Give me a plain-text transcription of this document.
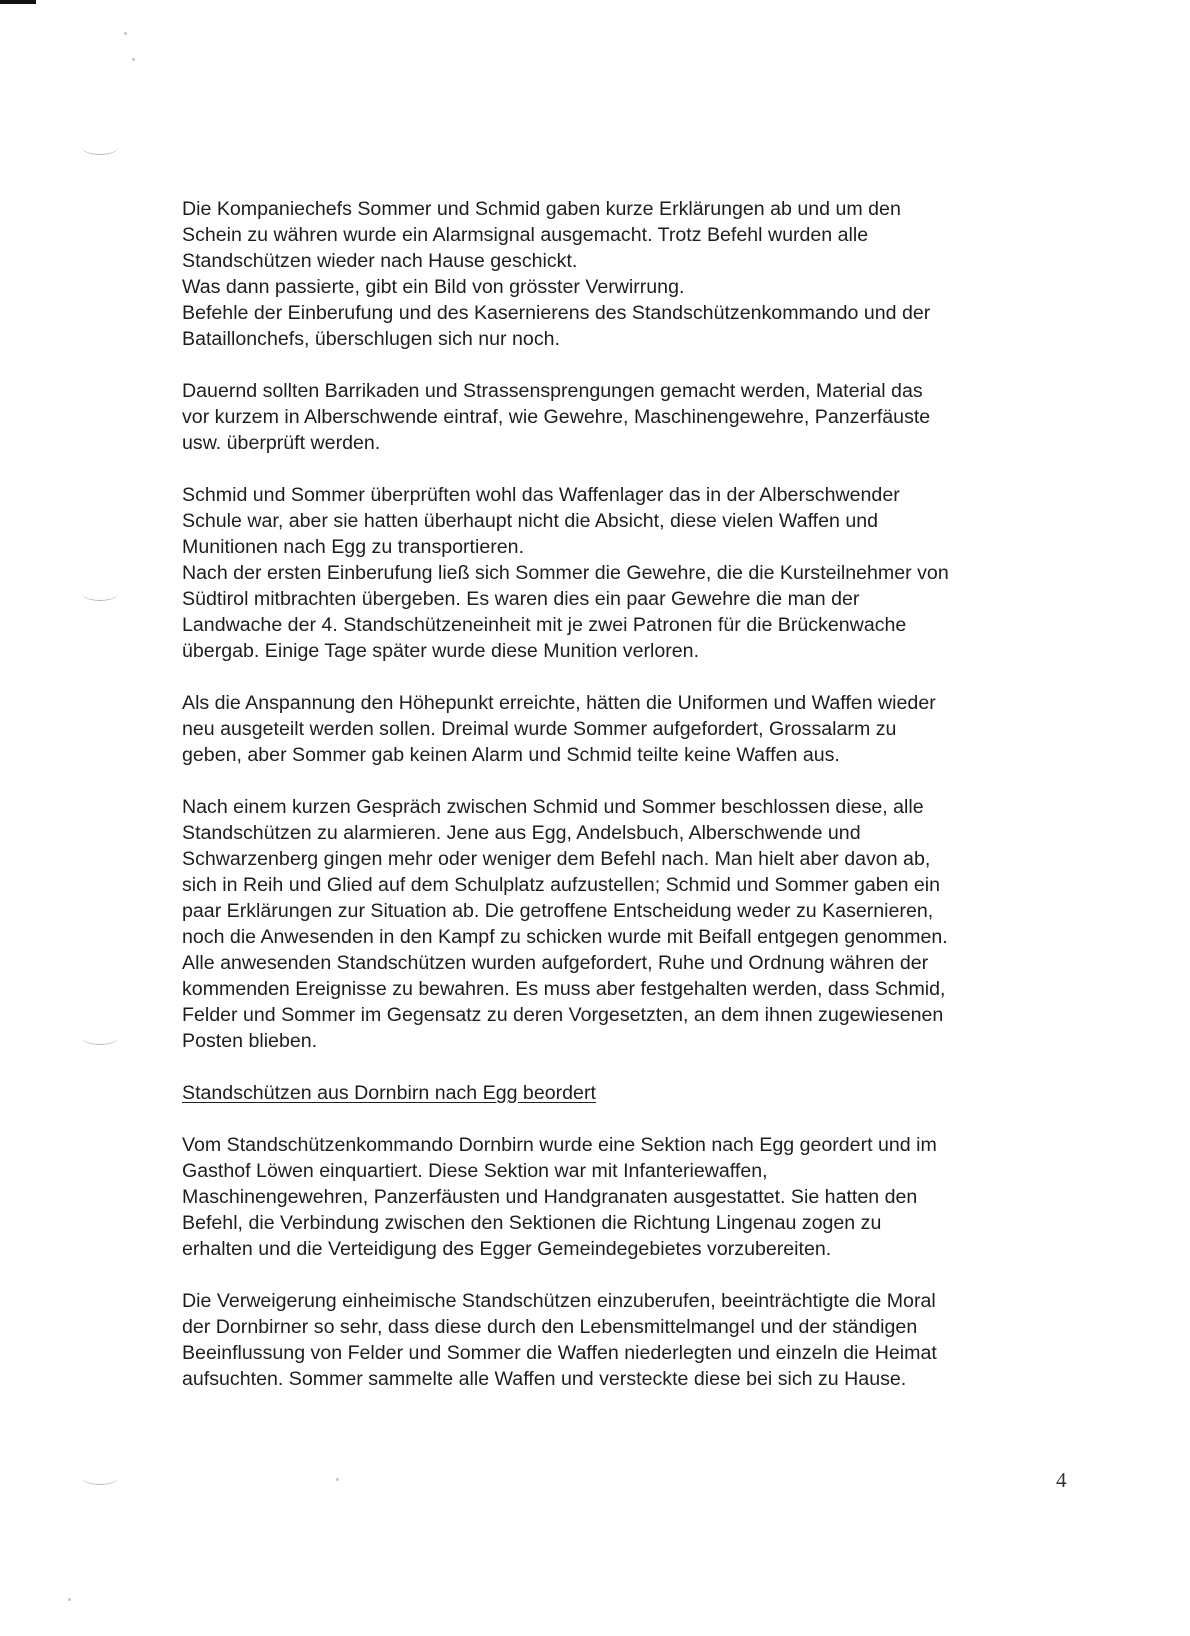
Die Kompaniechefs Sommer und Schmid gaben kurze Erklärungen ab und um den
Schein zu währen wurde ein Alarmsignal ausgemacht. Trotz Befehl wurden alle
Standschützen wieder nach Hause geschickt.
Was dann passierte, gibt ein Bild von grösster Verwirrung.
Befehle der Einberufung und des Kasernierens des Standschützenkommando und der
Bataillonchefs, überschlugen sich nur noch.

Dauernd sollten Barrikaden und Strassensprengungen gemacht werden, Material das
vor kurzem in Alberschwende eintraf, wie Gewehre, Maschinengewehre, Panzerfäuste
usw. überprüft werden.

Schmid und Sommer überprüften wohl das Waffenlager das in der Alberschwender
Schule war, aber sie hatten überhaupt nicht die Absicht, diese vielen Waffen und
Munitionen nach Egg zu transportieren.
Nach der ersten Einberufung ließ sich Sommer die Gewehre, die die Kursteilnehmer von
Südtirol mitbrachten übergeben. Es waren dies ein paar Gewehre die man der
Landwache der 4. Standschützeneinheit mit je zwei Patronen für die Brückenwache
übergab. Einige Tage später wurde diese Munition verloren.

Als die Anspannung den Höhepunkt erreichte, hätten die Uniformen und Waffen wieder
neu ausgeteilt werden sollen. Dreimal wurde Sommer aufgefordert, Grossalarm zu
geben, aber Sommer gab keinen Alarm und Schmid teilte keine Waffen aus.

Nach einem kurzen Gespräch zwischen Schmid und Sommer beschlossen diese, alle
Standschützen zu alarmieren. Jene aus Egg, Andelsbuch, Alberschwende und
Schwarzenberg gingen mehr oder weniger dem Befehl nach. Man hielt aber davon ab,
sich in Reih und Glied auf dem Schulplatz aufzustellen; Schmid und Sommer gaben ein
paar Erklärungen zur Situation ab. Die getroffene Entscheidung weder zu Kasernieren,
noch die Anwesenden in den Kampf zu schicken wurde mit Beifall entgegen genommen.
Alle anwesenden Standschützen wurden aufgefordert, Ruhe und Ordnung währen der
kommenden Ereignisse zu bewahren. Es muss aber festgehalten werden, dass Schmid,
Felder und Sommer im Gegensatz zu deren Vorgesetzten, an dem ihnen zugewiesenen
Posten blieben.

Standschützen aus Dornbirn nach Egg beordert

Vom Standschützenkommando Dornbirn wurde eine Sektion nach Egg geordert und im
Gasthof Löwen einquartiert. Diese Sektion war mit Infanteriewaffen,
Maschinengewehren, Panzerfäusten und Handgranaten ausgestattet. Sie hatten den
Befehl, die Verbindung zwischen den Sektionen die Richtung Lingenau zogen zu
erhalten und die Verteidigung des Egger Gemeindegebietes vorzubereiten.

Die Verweigerung einheimische Standschützen einzuberufen, beeinträchtigte die Moral
der Dornbirner so sehr, dass diese durch den Lebensmittelmangel und der ständigen
Beeinflussung von Felder und Sommer die Waffen niederlegten und einzeln die Heimat
aufsuchten. Sommer sammelte alle Waffen und versteckte diese bei sich zu Hause.

4
